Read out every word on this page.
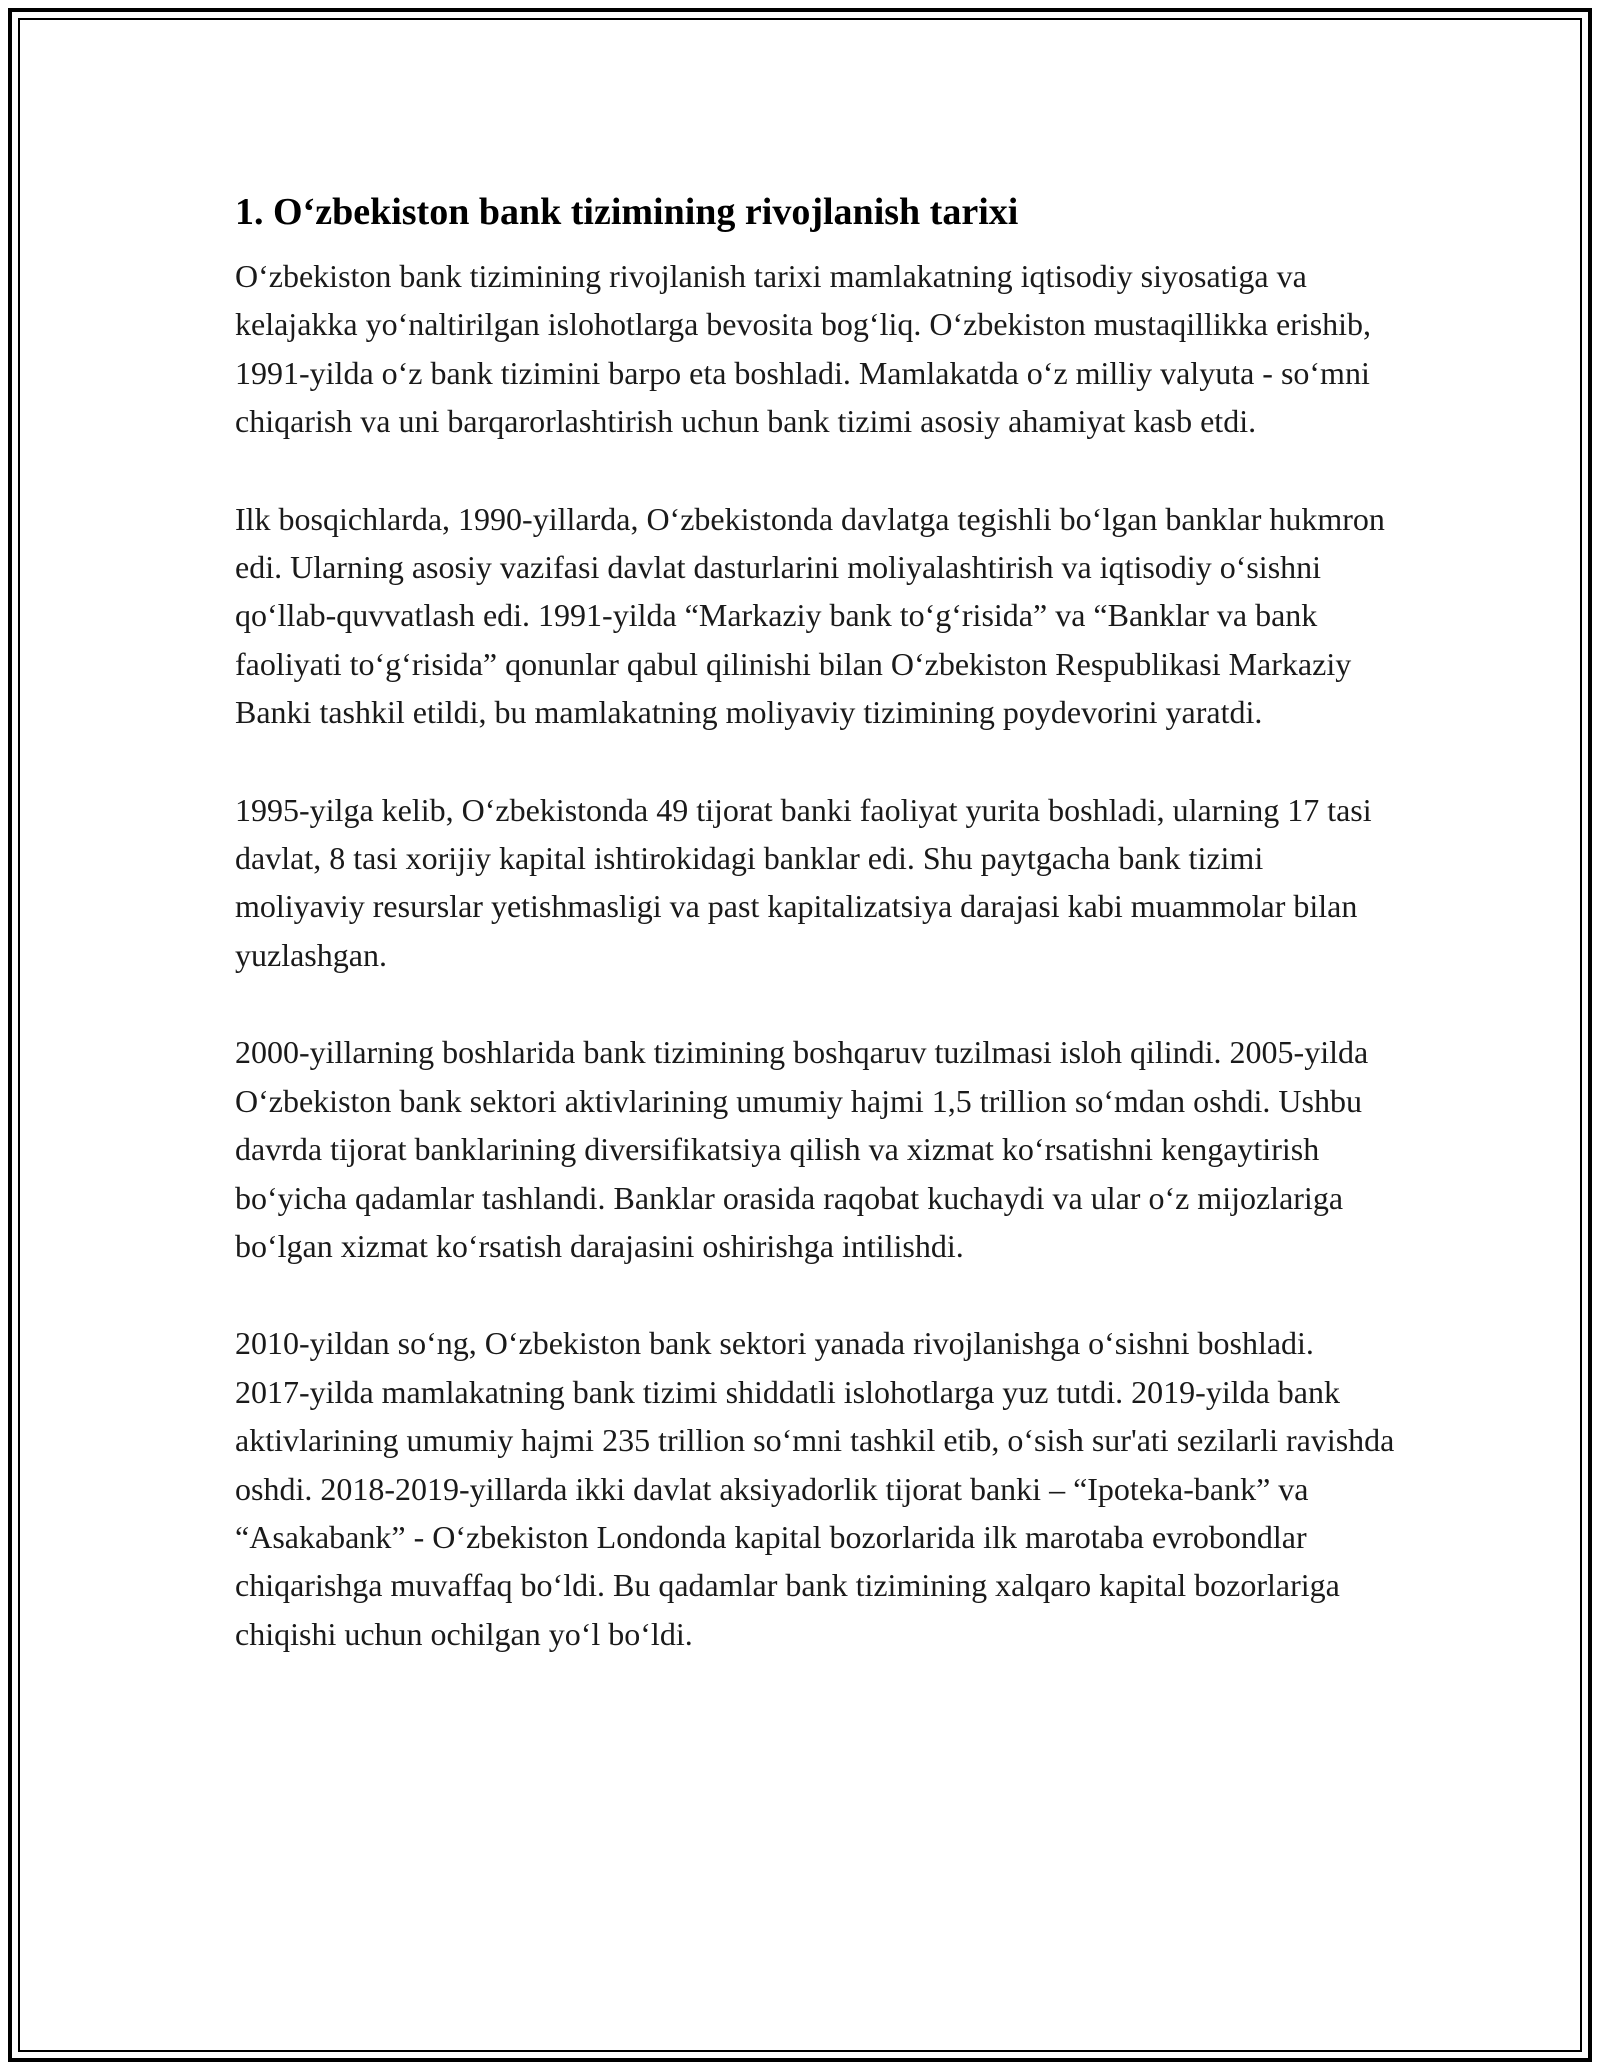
1. O‘zbekiston bank tizimining rivojlanish tarixi

O‘zbekiston bank tizimining rivojlanish tarixi mamlakatning iqtisodiy siyosatiga va kelajakka yo‘naltirilgan islohotlarga bevosita bog‘liq. O‘zbekiston mustaqillikka erishib, 1991-yilda o‘z bank tizimini barpo eta boshladi. Mamlakatda o‘z milliy valyuta - so‘mni chiqarish va uni barqarorlashtirish uchun bank tizimi asosiy ahamiyat kasb etdi.

Ilk bosqichlarda, 1990-yillarda, O‘zbekistonda davlatga tegishli bo‘lgan banklar hukmron edi. Ularning asosiy vazifasi davlat dasturlarini moliyalashtirish va iqtisodiy o‘sishni qo‘llab-quvvatlash edi. 1991-yilda “Markaziy bank to‘g‘risida” va “Banklar va bank faoliyati to‘g‘risida” qonunlar qabul qilinishi bilan O‘zbekiston Respublikasi Markaziy Banki tashkil etildi, bu mamlakatning moliyaviy tizimining poydevorini yaratdi.

1995-yilga kelib, O‘zbekistonda 49 tijorat banki faoliyat yurita boshladi, ularning 17 tasi davlat, 8 tasi xorijiy kapital ishtirokidagi banklar edi. Shu paytgacha bank tizimi moliyaviy resurslar yetishmasligi va past kapitalizatsiya darajasi kabi muammolar bilan yuzlashgan.

2000-yillarning boshlarida bank tizimining boshqaruv tuzilmasi isloh qilindi. 2005-yilda O‘zbekiston bank sektori aktivlarining umumiy hajmi 1,5 trillion so‘mdan oshdi. Ushbu davrda tijorat banklarining diversifikatsiya qilish va xizmat ko‘rsatishni kengaytirish bo‘yicha qadamlar tashlandi. Banklar orasida raqobat kuchaydi va ular o‘z mijozlariga bo‘lgan xizmat ko‘rsatish darajasini oshirishga intilishdi.

2010-yildan so‘ng, O‘zbekiston bank sektori yanada rivojlanishga o‘sishni boshladi. 2017-yilda mamlakatning bank tizimi shiddatli islohotlarga yuz tutdi. 2019-yilda bank aktivlarining umumiy hajmi 235 trillion so‘mni tashkil etib, o‘sish sur'ati sezilarli ravishda oshdi. 2018-2019-yillarda ikki davlat aksiyadorlik tijorat banki – “Ipoteka-bank” va “Asakabank” - O‘zbekiston Londonda kapital bozorlarida ilk marotaba evrobondlar chiqarishga muvaffaq bo‘ldi. Bu qadamlar bank tizimining xalqaro kapital bozorlariga chiqishi uchun ochilgan yo‘l bo‘ldi.
